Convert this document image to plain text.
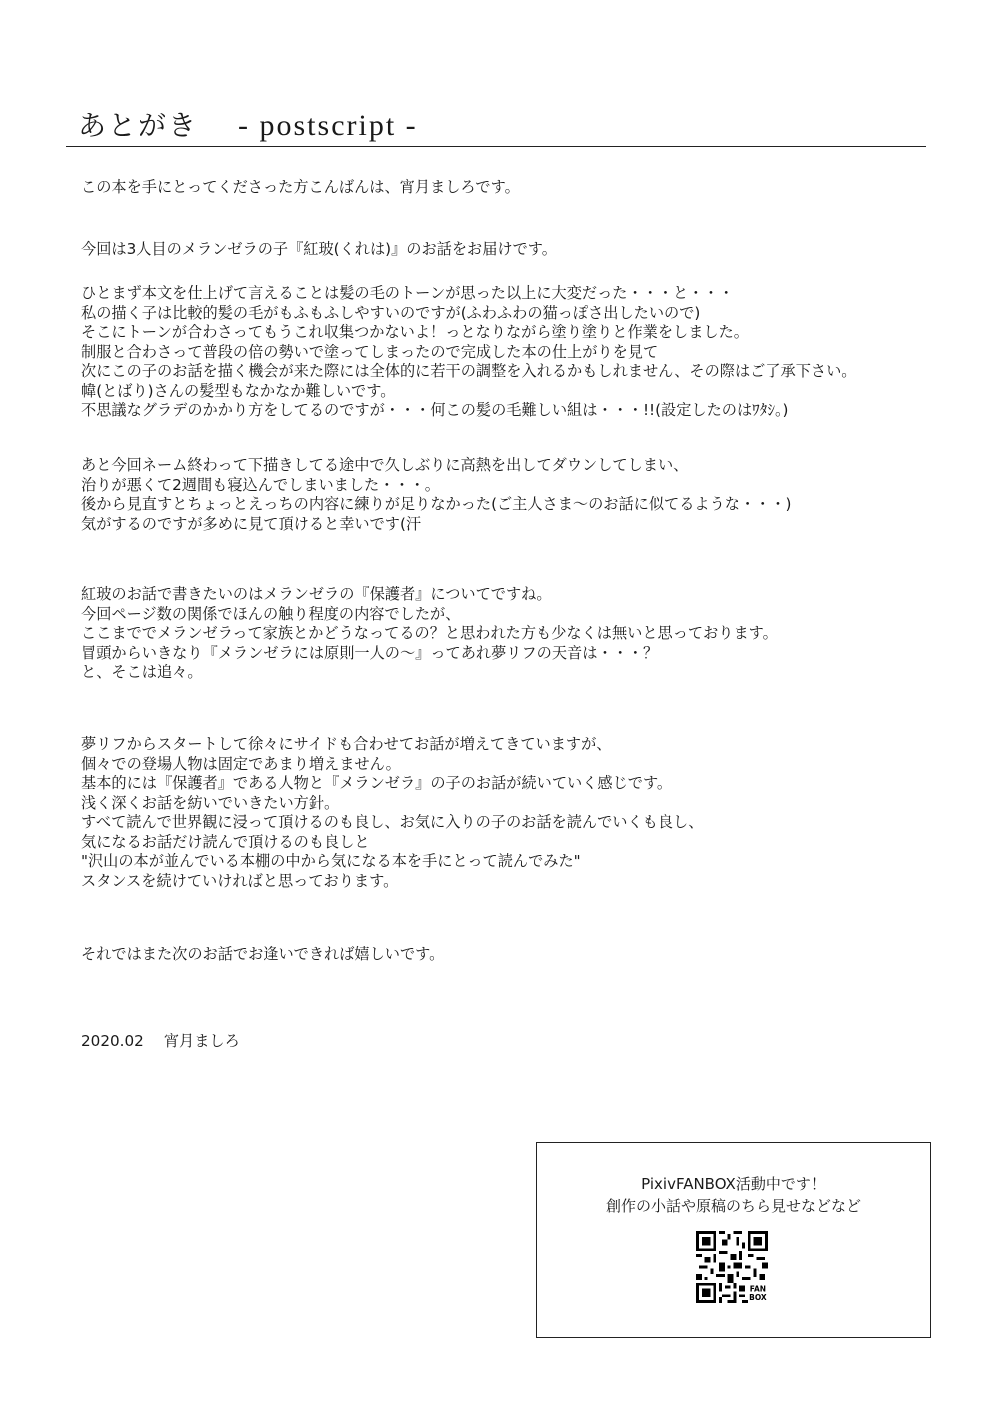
あとがき - postscript -
この本を手にとってくださった方こんばんは、宵月ましろです。
今回は3人目のメランゼラの子『紅玻(くれは)』のお話をお届けです。
ひとまず本文を仕上げて言えることは髪の毛のトーンが思った以上に大変だった・・・と・・・
私の描く子は比較的髪の毛がもふもふしやすいのですが(ふわふわの猫っぽさ出したいので)
そこにトーンが合わさってもうこれ収集つかないよ！っとなりながら塗り塗りと作業をしました。
制服と合わさって普段の倍の勢いで塗ってしまったので完成した本の仕上がりを見て
次にこの子のお話を描く機会が来た際には全体的に若干の調整を入れるかもしれません、その際はご了承下さい。
幃(とばり)さんの髪型もなかなか難しいです。
不思議なグラデのかかり方をしてるのですが・・・何この髪の毛難しい組は・・・!!(設定したのはﾜﾀｼ。)
あと今回ネーム終わって下描きしてる途中で久しぶりに高熱を出してダウンしてしまい、
治りが悪くて2週間も寝込んでしまいました・・・。
後から見直すとちょっとえっちの内容に練りが足りなかった(ご主人さま～のお話に似てるような・・・)
気がするのですが多めに見て頂けると幸いです(汗
紅玻のお話で書きたいのはメランゼラの『保護者』についてですね。
今回ページ数の関係でほんの触り程度の内容でしたが、
ここまででメランゼラって家族とかどうなってるの？と思われた方も少なくは無いと思っております。
冒頭からいきなり『メランゼラには原則一人の～』ってあれ夢リフの天音は・・・？
と、そこは追々。
夢リフからスタートして徐々にサイドも合わせてお話が増えてきていますが、
個々での登場人物は固定であまり増えません。
基本的には『保護者』である人物と『メランゼラ』の子のお話が続いていく感じです。
浅く深くお話を紡いでいきたい方針。
すべて読んで世界観に浸って頂けるのも良し、お気に入りの子のお話を読んでいくも良し、
気になるお話だけ読んで頂けるのも良しと
"沢山の本が並んでいる本棚の中から気になる本を手にとって読んでみた"
スタンスを続けていければと思っております。
それではまた次のお話でお逢いできれば嬉しいです。
2020.02 宵月ましろ
PixivFANBOX活動中です！
創作の小話や原稿のちら見せなどなど
FAN
BOX
